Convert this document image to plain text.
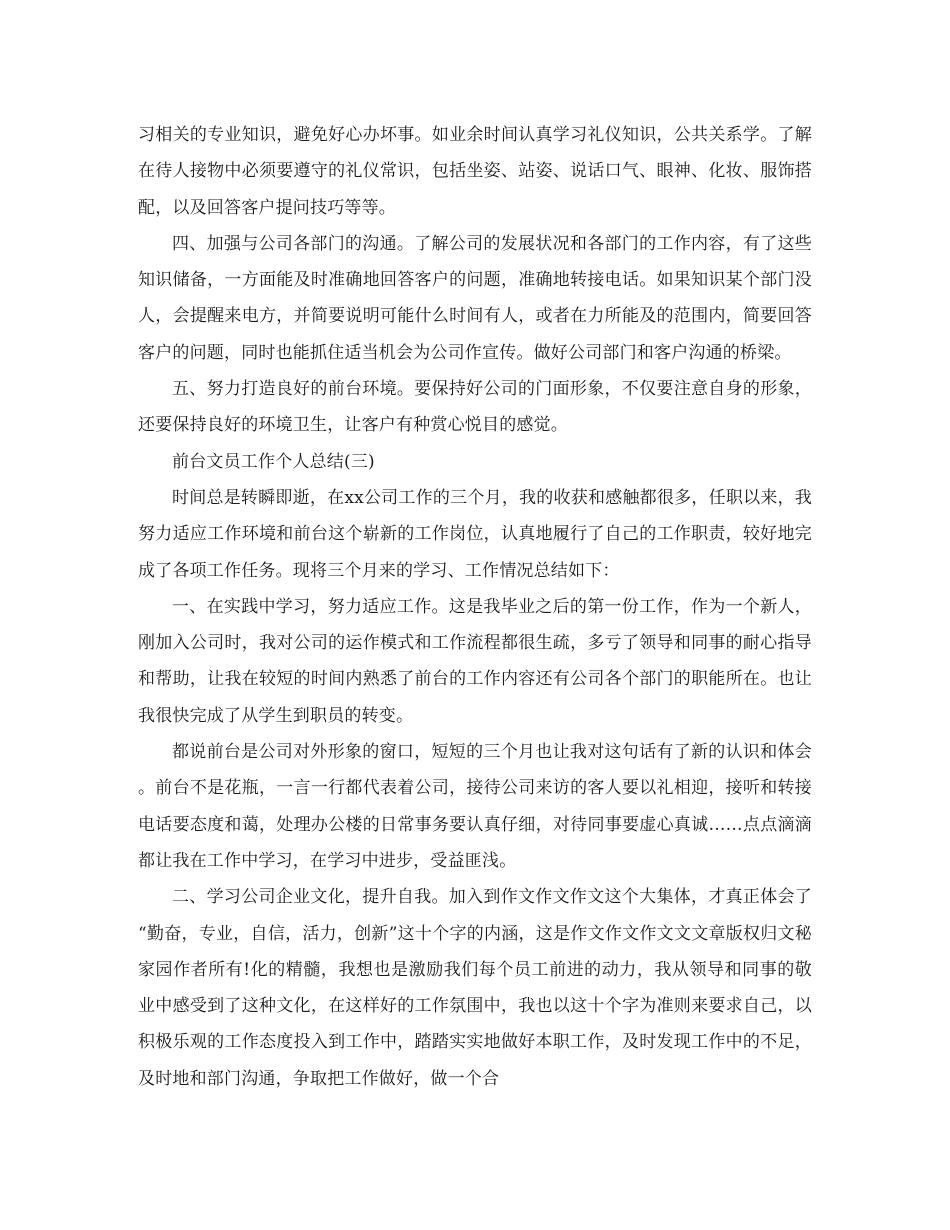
习相关的专业知识，避免好心办坏事。如业余时间认真学习礼仪知识，公共关系学。了解在待人接物中必须要遵守的礼仪常识，包括坐姿、站姿、说话口气、眼神、化妆、服饰搭配，以及回答客户提问技巧等等。

四、加强与公司各部门的沟通。了解公司的发展状况和各部门的工作内容，有了这些知识储备，一方面能及时准确地回答客户的问题，准确地转接电话。如果知识某个部门没人，会提醒来电方，并简要说明可能什么时间有人，或者在力所能及的范围内，简要回答客户的问题，同时也能抓住适当机会为公司作宣传。做好公司部门和客户沟通的桥梁。

五、努力打造良好的前台环境。要保持好公司的门面形象，不仅要注意自身的形象，还要保持良好的环境卫生，让客户有种赏心悦目的感觉。

前台文员工作个人总结(三)

时间总是转瞬即逝，在xx公司工作的三个月，我的收获和感触都很多，任职以来，我努力适应工作环境和前台这个崭新的工作岗位，认真地履行了自己的工作职责，较好地完成了各项工作任务。现将三个月来的学习、工作情况总结如下：

一、在实践中学习，努力适应工作。这是我毕业之后的第一份工作，作为一个新人，刚加入公司时，我对公司的运作模式和工作流程都很生疏，多亏了领导和同事的耐心指导和帮助，让我在较短的时间内熟悉了前台的工作内容还有公司各个部门的职能所在。也让我很快完成了从学生到职员的转变。

都说前台是公司对外形象的窗口，短短的三个月也让我对这句话有了新的认识和体会。前台不是花瓶，一言一行都代表着公司，接待公司来访的客人要以礼相迎，接听和转接电话要态度和蔼，处理办公楼的日常事务要认真仔细，对待同事要虚心真诚……点点滴滴都让我在工作中学习，在学习中进步，受益匪浅。

二、学习公司企业文化，提升自我。加入到作文作文作文这个大集体，才真正体会了“勤奋，专业，自信，活力，创新”这十个字的内涵，这是作文作文作文文文章版权归文秘家园作者所有!化的精髓，我想也是激励我们每个员工前进的动力，我从领导和同事的敬业中感受到了这种文化，在这样好的工作氛围中，我也以这十个字为准则来要求自己，以积极乐观的工作态度投入到工作中，踏踏实实地做好本职工作，及时发现工作中的不足，及时地和部门沟通，争取把工作做好，做一个合
